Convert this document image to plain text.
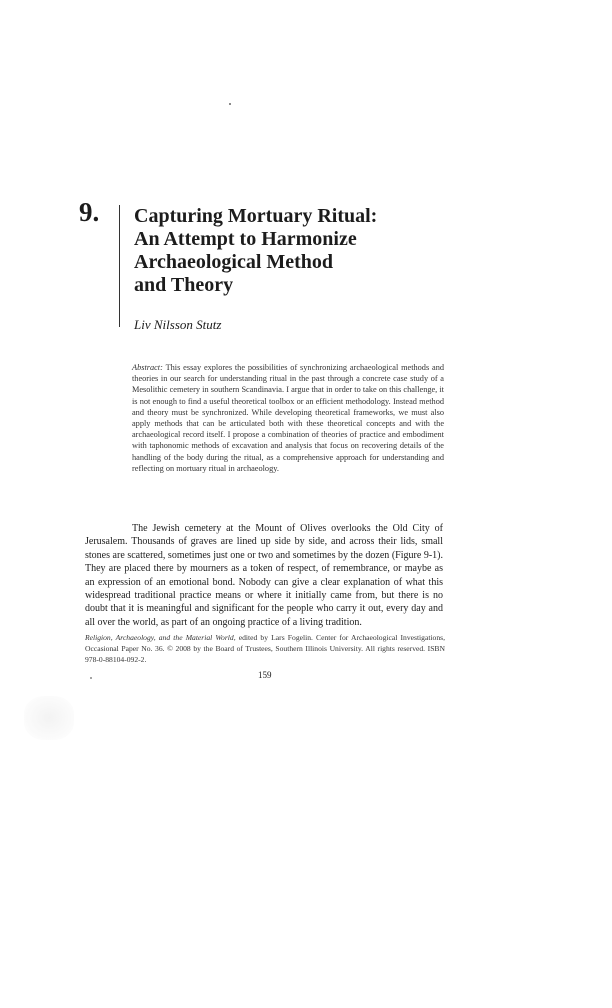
9. Capturing Mortuary Ritual:
An Attempt to Harmonize
Archaeological Method
and Theory
Liv Nilsson Stutz

Abstract: This essay explores the possibilities of synchronizing archaeological methods and theories in our search for understanding ritual in the past through a concrete case study of a Mesolithic cemetery in southern Scandinavia. I argue that in order to take on this challenge, it is not enough to find a useful theoretical toolbox or an efficient methodology. Instead method and theory must be synchronized. While developing theoretical frameworks, we must also apply methods that can be articulated both with these theoretical concepts and with the archaeological record itself. I propose a combination of theories of practice and embodiment with taphonomic methods of excavation and analysis that focus on recovering details of the handling of the body during the ritual, as a comprehensive approach for understanding and reflecting on mortuary ritual in archaeology.

The Jewish cemetery at the Mount of Olives overlooks the Old City of Jerusalem. Thousands of graves are lined up side by side, and across their lids, small stones are scattered, sometimes just one or two and sometimes by the dozen (Figure 9-1). They are placed there by mourners as a token of respect, of remembrance, or maybe as an expression of an emotional bond. Nobody can give a clear explanation of what this widespread traditional practice means or where it initially came from, but there is no doubt that it is meaningful and significant for the people who carry it out, every day and all over the world, as part of an ongoing practice of a living tradition.

Religion, Archaeology, and the Material World, edited by Lars Fogelin. Center for Archaeological Investigations, Occasional Paper No. 36. © 2008 by the Board of Trustees, Southern Illinois University. All rights reserved. ISBN 978-0-88104-092-2.

159
